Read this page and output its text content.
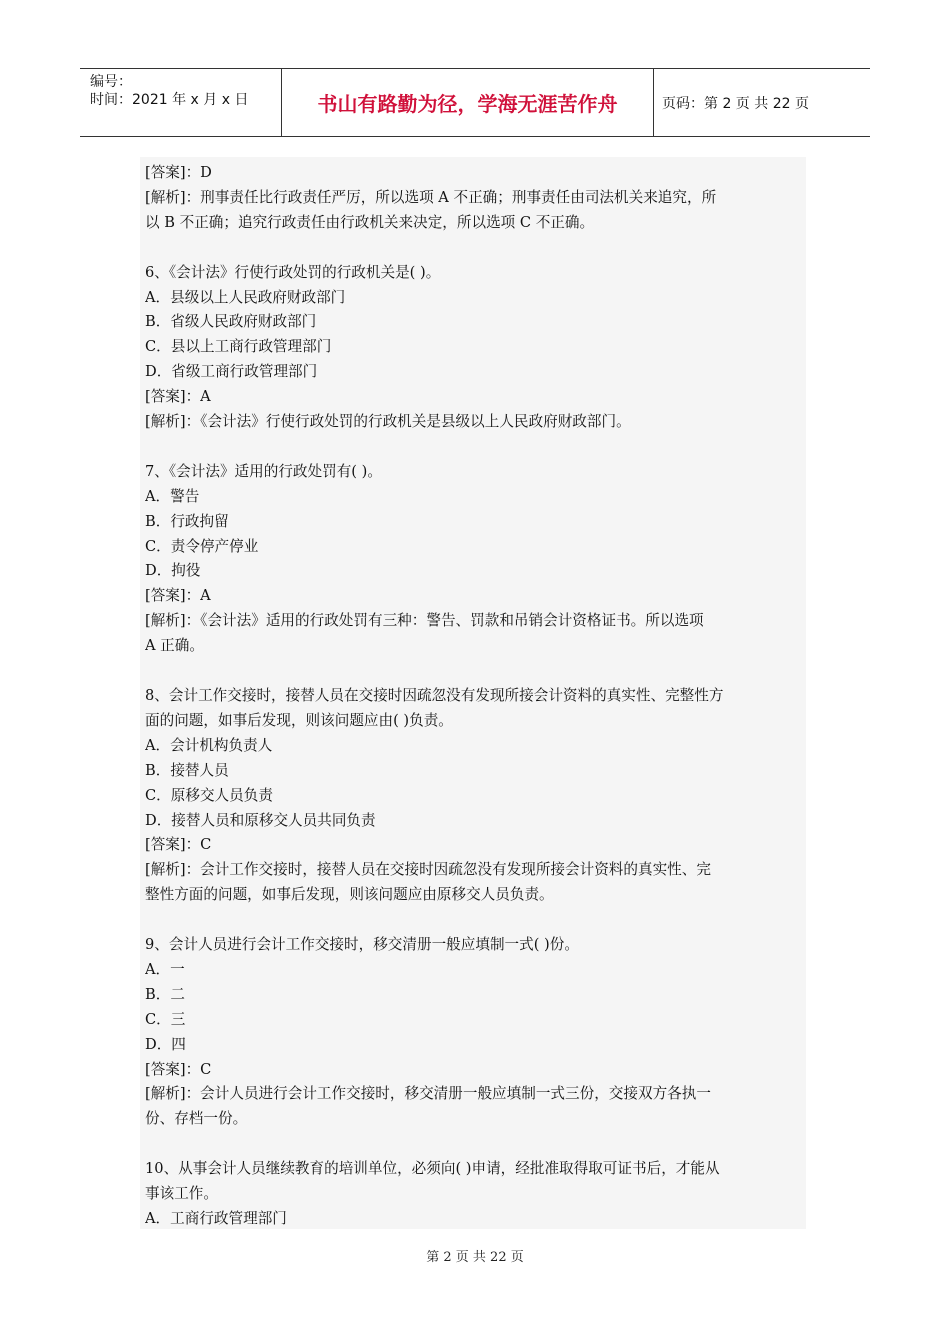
编号：
时间：2021 年 x 月 x 日	书山有路勤为径，学海无涯苦作舟	页码：第 2 页 共 22 页
[答案]：D
[解析]：刑事责任比行政责任严厉，所以选项 A 不正确；刑事责任由司法机关来追究，所
以 B 不正确；追究行政责任由行政机关来决定，所以选项 C 不正确。
6、《会计法》行使行政处罚的行政机关是( )。
A．县级以上人民政府财政部门
B．省级人民政府财政部门
C．县以上工商行政管理部门
D．省级工商行政管理部门
[答案]：A
[解析]：《会计法》行使行政处罚的行政机关是县级以上人民政府财政部门。
7、《会计法》适用的行政处罚有( )。
A．警告
B．行政拘留
C．责令停产停业
D．拘役
[答案]：A
[解析]：《会计法》适用的行政处罚有三种：警告、罚款和吊销会计资格证书。所以选项
A 正确。
8、会计工作交接时，接替人员在交接时因疏忽没有发现所接会计资料的真实性、完整性方
面的问题，如事后发现，则该问题应由( )负责。
A．会计机构负责人
B．接替人员
C．原移交人员负责
D．接替人员和原移交人员共同负责
[答案]：C
[解析]：会计工作交接时，接替人员在交接时因疏忽没有发现所接会计资料的真实性、完
整性方面的问题，如事后发现，则该问题应由原移交人员负责。
9、会计人员进行会计工作交接时，移交清册一般应填制一式( )份。
A．一
B．二
C．三
D．四
[答案]：C
[解析]：会计人员进行会计工作交接时，移交清册一般应填制一式三份，交接双方各执一
份、存档一份。
10、从事会计人员继续教育的培训单位，必须向( )申请，经批准取得取可证书后，才能从
事该工作。
A．工商行政管理部门
第 2 页 共 22 页
